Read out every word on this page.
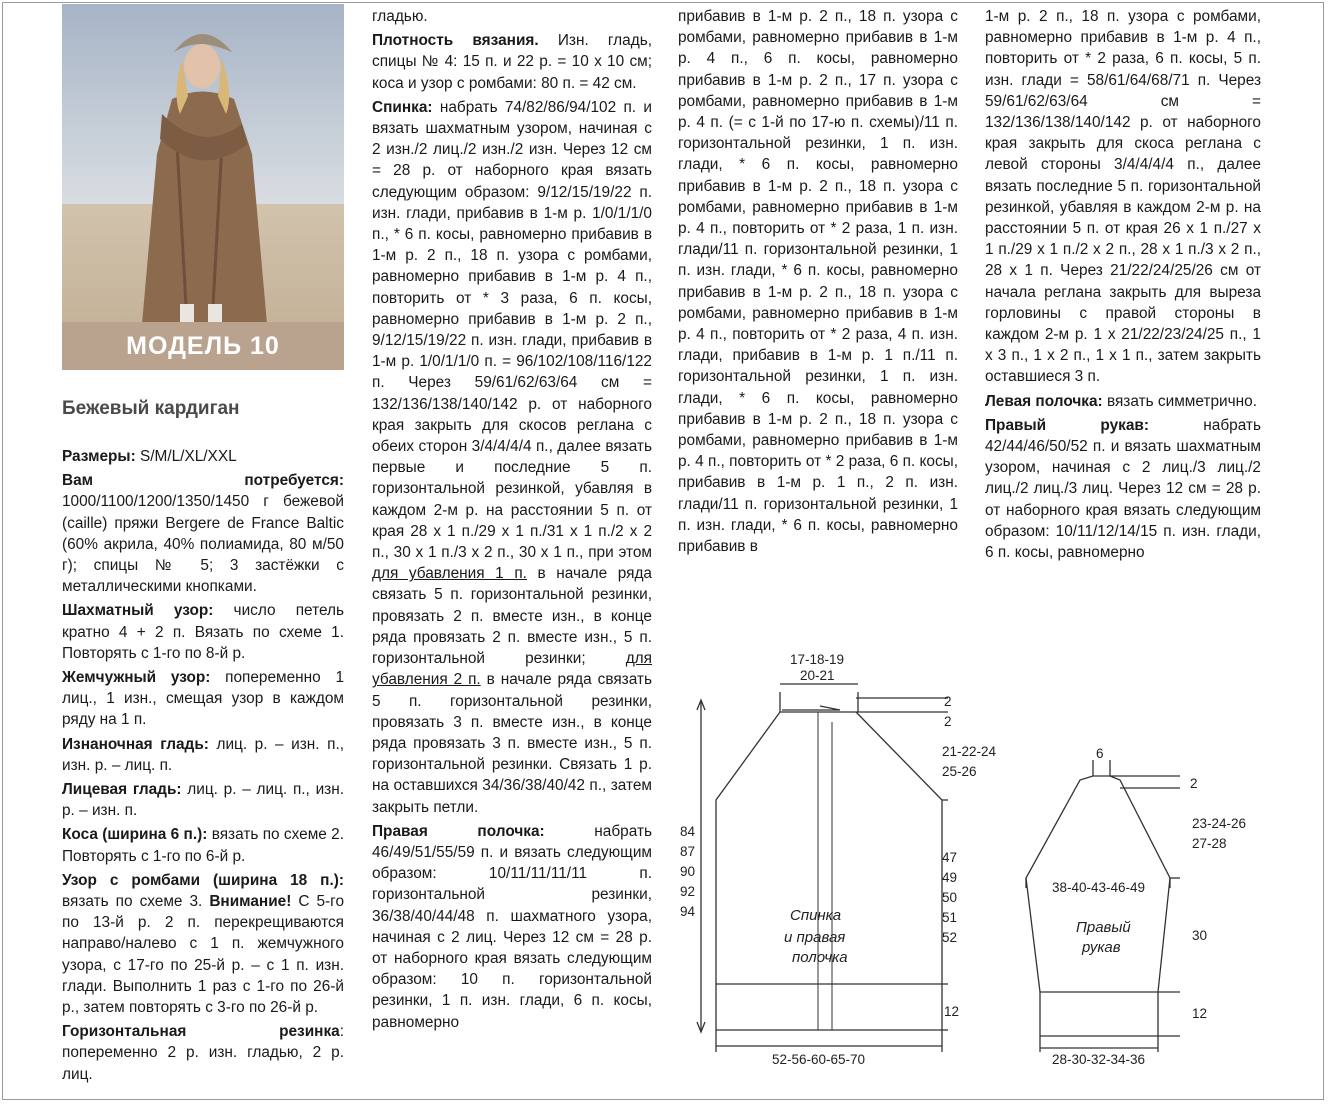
МОДЕЛЬ 10
Бежевый кардиган

Размеры: S/M/L/XL/XXL

Вам потребуется: 1000/1100/1200/1350/1450 г бежевой (caille) пряжи Bergere de France Baltic (60% акрила, 40% полиамида, 80 м/50 г); спицы № 5; 3 застёжки с металлическими кнопками.

Шахматный узор: число петель кратно 4 + 2 п. Вязать по схеме 1. Повторять с 1-го по 8-й р.

Жемчужный узор: попеременно 1 лиц., 1 изн., смещая узор в каждом ряду на 1 п.

Изнаночная гладь: лиц. р. – изн. п., изн. р. – лиц. п.

Лицевая гладь: лиц. р. – лиц. п., изн. р. – изн. п.

Коса (ширина 6 п.): вязать по схеме 2. Повторять с 1-го по 6-й р.

Узор с ромбами (ширина 18 п.): вязать по схеме 3. Внимание! С 5-го по 13-й р. 2 п. перекрещиваются направо/налево с 1 п. жемчужного узора, с 17-го по 25-й р. – с 1 п. изн. глади. Выполнить 1 раз с 1-го по 26-й р., затем повторять с 3-го по 26-й р.

Горизонтальная резинка: попеременно 2 р. изн. гладью, 2 р. лиц.

гладью.

Плотность вязания. Изн. гладь, спицы № 4: 15 п. и 22 р. = 10 х 10 см; коса и узор с ромбами: 80 п. = 42 см.

Спинка: набрать 74/82/86/94/102 п. и вязать шахматным узором, начиная с 2 изн./2 лиц./2 изн./2 изн. Через 12 см = 28 р. от наборного края вязать следующим образом: 9/12/15/19/22 п. изн. глади, прибавив в 1-м р. 1/0/1/1/0 п., * 6 п. косы, равномерно прибавив в 1-м р. 2 п., 18 п. узора с ромбами, равномерно прибавив в 1-м р. 4 п., повторить от * 3 раза, 6 п. косы, равномерно прибавив в 1-м р. 2 п., 9/12/15/19/22 п. изн. глади, прибавив в 1-м р. 1/0/1/1/0 п. = 96/102/108/116/122 п. Через 59/61/62/63/64 см = 132/136/138/140/142 р. от наборного края закрыть для скосов реглана с обеих сторон 3/4/4/4/4 п., далее вязать первые и последние 5 п. горизонтальной резинкой, убавляя в каждом 2-м р. на расстоянии 5 п. от края 28 х 1 п./29 х 1 п./31 х 1 п./2 х 2 п., 30 х 1 п./3 х 2 п., 30 х 1 п., при этом для убавления 1 п. в начале ряда связать 5 п. горизонтальной резинки, провязать 2 п. вместе изн., в конце ряда провязать 2 п. вместе изн., 5 п. горизонтальной резинки; для убавления 2 п. в начале ряда связать 5 п. горизонтальной резинки, провязать 3 п. вместе изн., в конце ряда провязать 3 п. вместе изн., 5 п. горизонтальной резинки. Связать 1 р. на оставшихся 34/36/38/40/42 п., затем закрыть петли.

Правая полочка: набрать 46/49/51/55/59 п. и вязать следующим образом: 10/11/11/11/11 п. горизонтальной резинки, 36/38/40/44/48 п. шахматного узора, начиная с 2 лиц. Через 12 см = 28 р. от наборного края вязать следующим образом: 10 п. горизонтальной резинки, 1 п. изн. глади, 6 п. косы, равномерно

прибавив в 1-м р. 2 п., 18 п. узора с ромбами, равномерно прибавив в 1-м р. 4 п., 6 п. косы, равномерно прибавив в 1-м р. 2 п., 17 п. узора с ромбами, равномерно прибавив в 1-м р. 4 п. (= с 1-й по 17-ю п. схемы)/11 п. горизонтальной резинки, 1 п. изн. глади, * 6 п. косы, равномерно прибавив в 1-м р. 2 п., 18 п. узора с ромбами, равномерно прибавив в 1-м р. 4 п., повторить от * 2 раза, 1 п. изн. глади/11 п. горизонтальной резинки, 1 п. изн. глади, * 6 п. косы, равномерно прибавив в 1-м р. 2 п., 18 п. узора с ромбами, равномерно прибавив в 1-м р. 4 п., повторить от * 2 раза, 4 п. изн. глади, прибавив в 1-м р. 1 п./11 п. горизонтальной резинки, 1 п. изн. глади, * 6 п. косы, равномерно прибавив в 1-м р. 2 п., 18 п. узора с ромбами, равномерно прибавив в 1-м р. 4 п., повторить от * 2 раза, 6 п. косы, прибавив в 1-м р. 1 п., 2 п. изн. глади/11 п. горизонтальной резинки, 1 п. изн. глади, * 6 п. косы, равномерно прибавив в

1-м р. 2 п., 18 п. узора с ромбами, равномерно прибавив в 1-м р. 4 п., повторить от * 2 раза, 6 п. косы, 5 п. изн. глади = 58/61/64/68/71 п. Через 59/61/62/63/64 см = 132/136/138/140/142 р. от наборного края закрыть для скоса реглана с левой стороны 3/4/4/4/4 п., далее вязать последние 5 п. горизонтальной резинкой, убавляя в каждом 2-м р. на расстоянии 5 п. от края 26 х 1 п./27 х 1 п./29 х 1 п./2 х 2 п., 28 х 1 п./3 х 2 п., 28 х 1 п. Через 21/22/24/25/26 см от начала реглана закрыть для выреза горловины с правой стороны в каждом 2-м р. 1 х 21/22/23/24/25 п., 1 х 3 п., 1 х 2 п., 1 х 1 п., затем закрыть оставшиеся 3 п.

Левая полочка: вязать симметрично.

Правый рукав: набрать 42/44/46/50/52 п. и вязать шахматным узором, начиная с 2 лиц./3 лиц./2 лиц./2 лиц./3 лиц. Через 12 см = 28 р. от наборного края вязать следующим образом: 10/11/12/14/15 п. изн. глади, 6 п. косы, равномерно

17-18-19
20-21
2
2
21-22-24
25-26
84
87
90
92
94
47
49
50
51
52
Спинка
и правая
полочка
12
52-56-60-65-70
6
2
23-24-26
27-28
38-40-43-46-49
Правый
рукав
30
12
28-30-32-34-36
